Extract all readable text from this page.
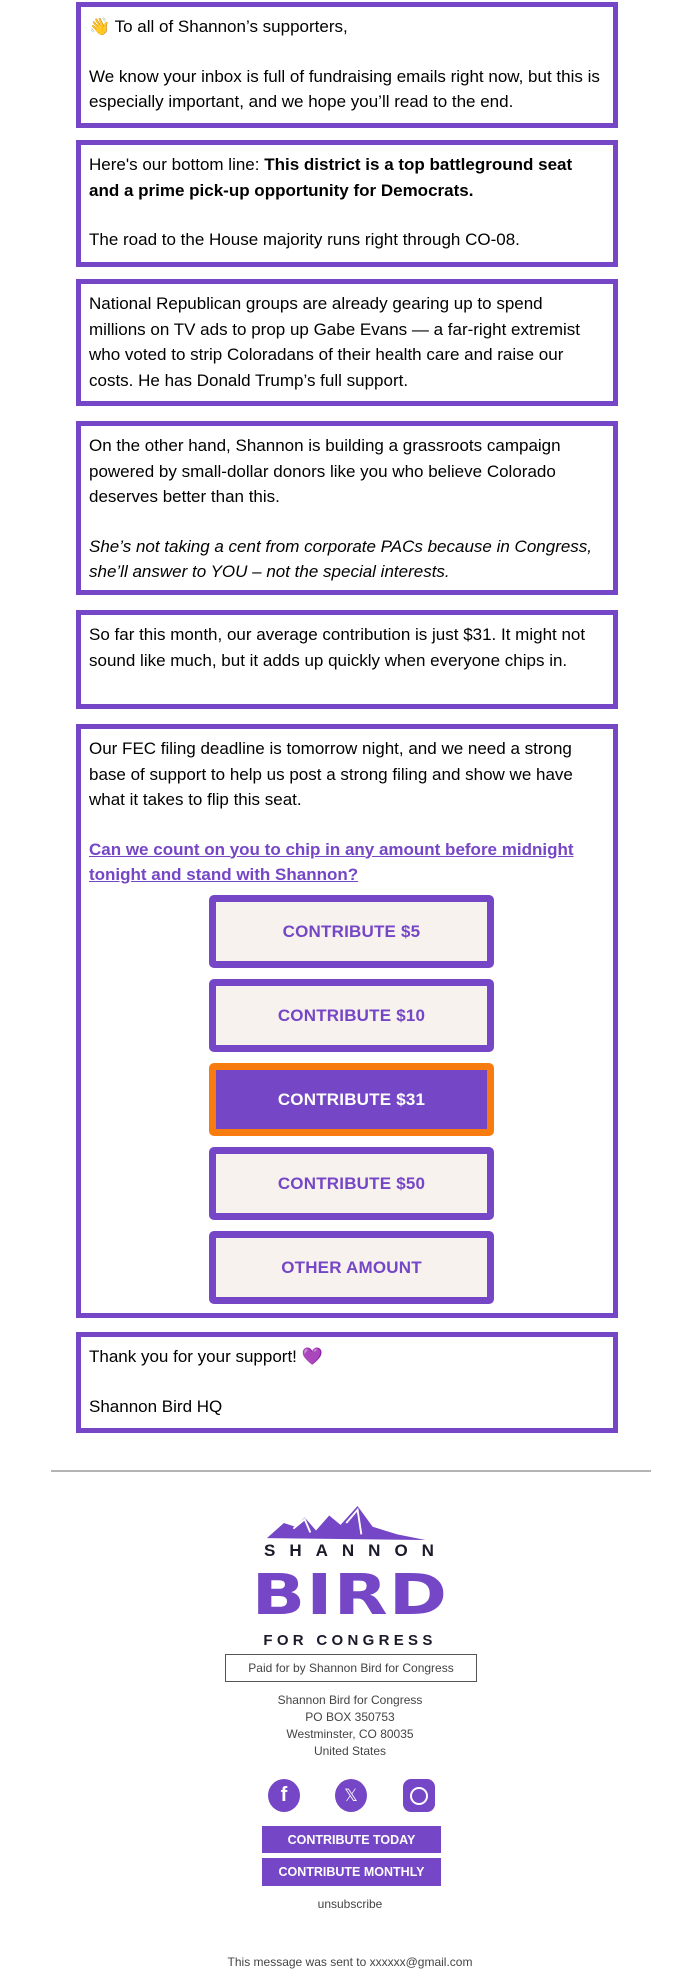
👋 To all of Shannon’s supporters,

We know your inbox is full of fundraising emails right now, but this is especially important, and we hope you’ll read to the end.

Here's our bottom line: This district is a top battleground seat and a prime pick-up opportunity for Democrats.

The road to the House majority runs right through CO-08.

National Republican groups are already gearing up to spend millions on TV ads to prop up Gabe Evans — a far-right extremist who voted to strip Coloradans of their health care and raise our costs. He has Donald Trump’s full support.

On the other hand, Shannon is building a grassroots campaign powered by small-dollar donors like you who believe Colorado deserves better than this.

She’s not taking a cent from corporate PACs because in Congress, she’ll answer to YOU – not the special interests.

So far this month, our average contribution is just $31. It might not sound like much, but it adds up quickly when everyone chips in.

Our FEC filing deadline is tomorrow night, and we need a strong base of support to help us post a strong filing and show we have what it takes to flip this seat.

Can we count on you to chip in any amount before midnight tonight and stand with Shannon?

CONTRIBUTE $5
CONTRIBUTE $10
CONTRIBUTE $31
CONTRIBUTE $50
OTHER AMOUNT

Thank you for your support! 💜

Shannon Bird HQ

SHANNON
BIRD
FOR CONGRESS
Paid for by Shannon Bird for Congress
Shannon Bird for Congress
PO BOX 350753
Westminster, CO 80035
United States
f	𝕏
CONTRIBUTE TODAY
CONTRIBUTE MONTHLY
unsubscribe
This message was sent to xxxxxx@gmail.com
